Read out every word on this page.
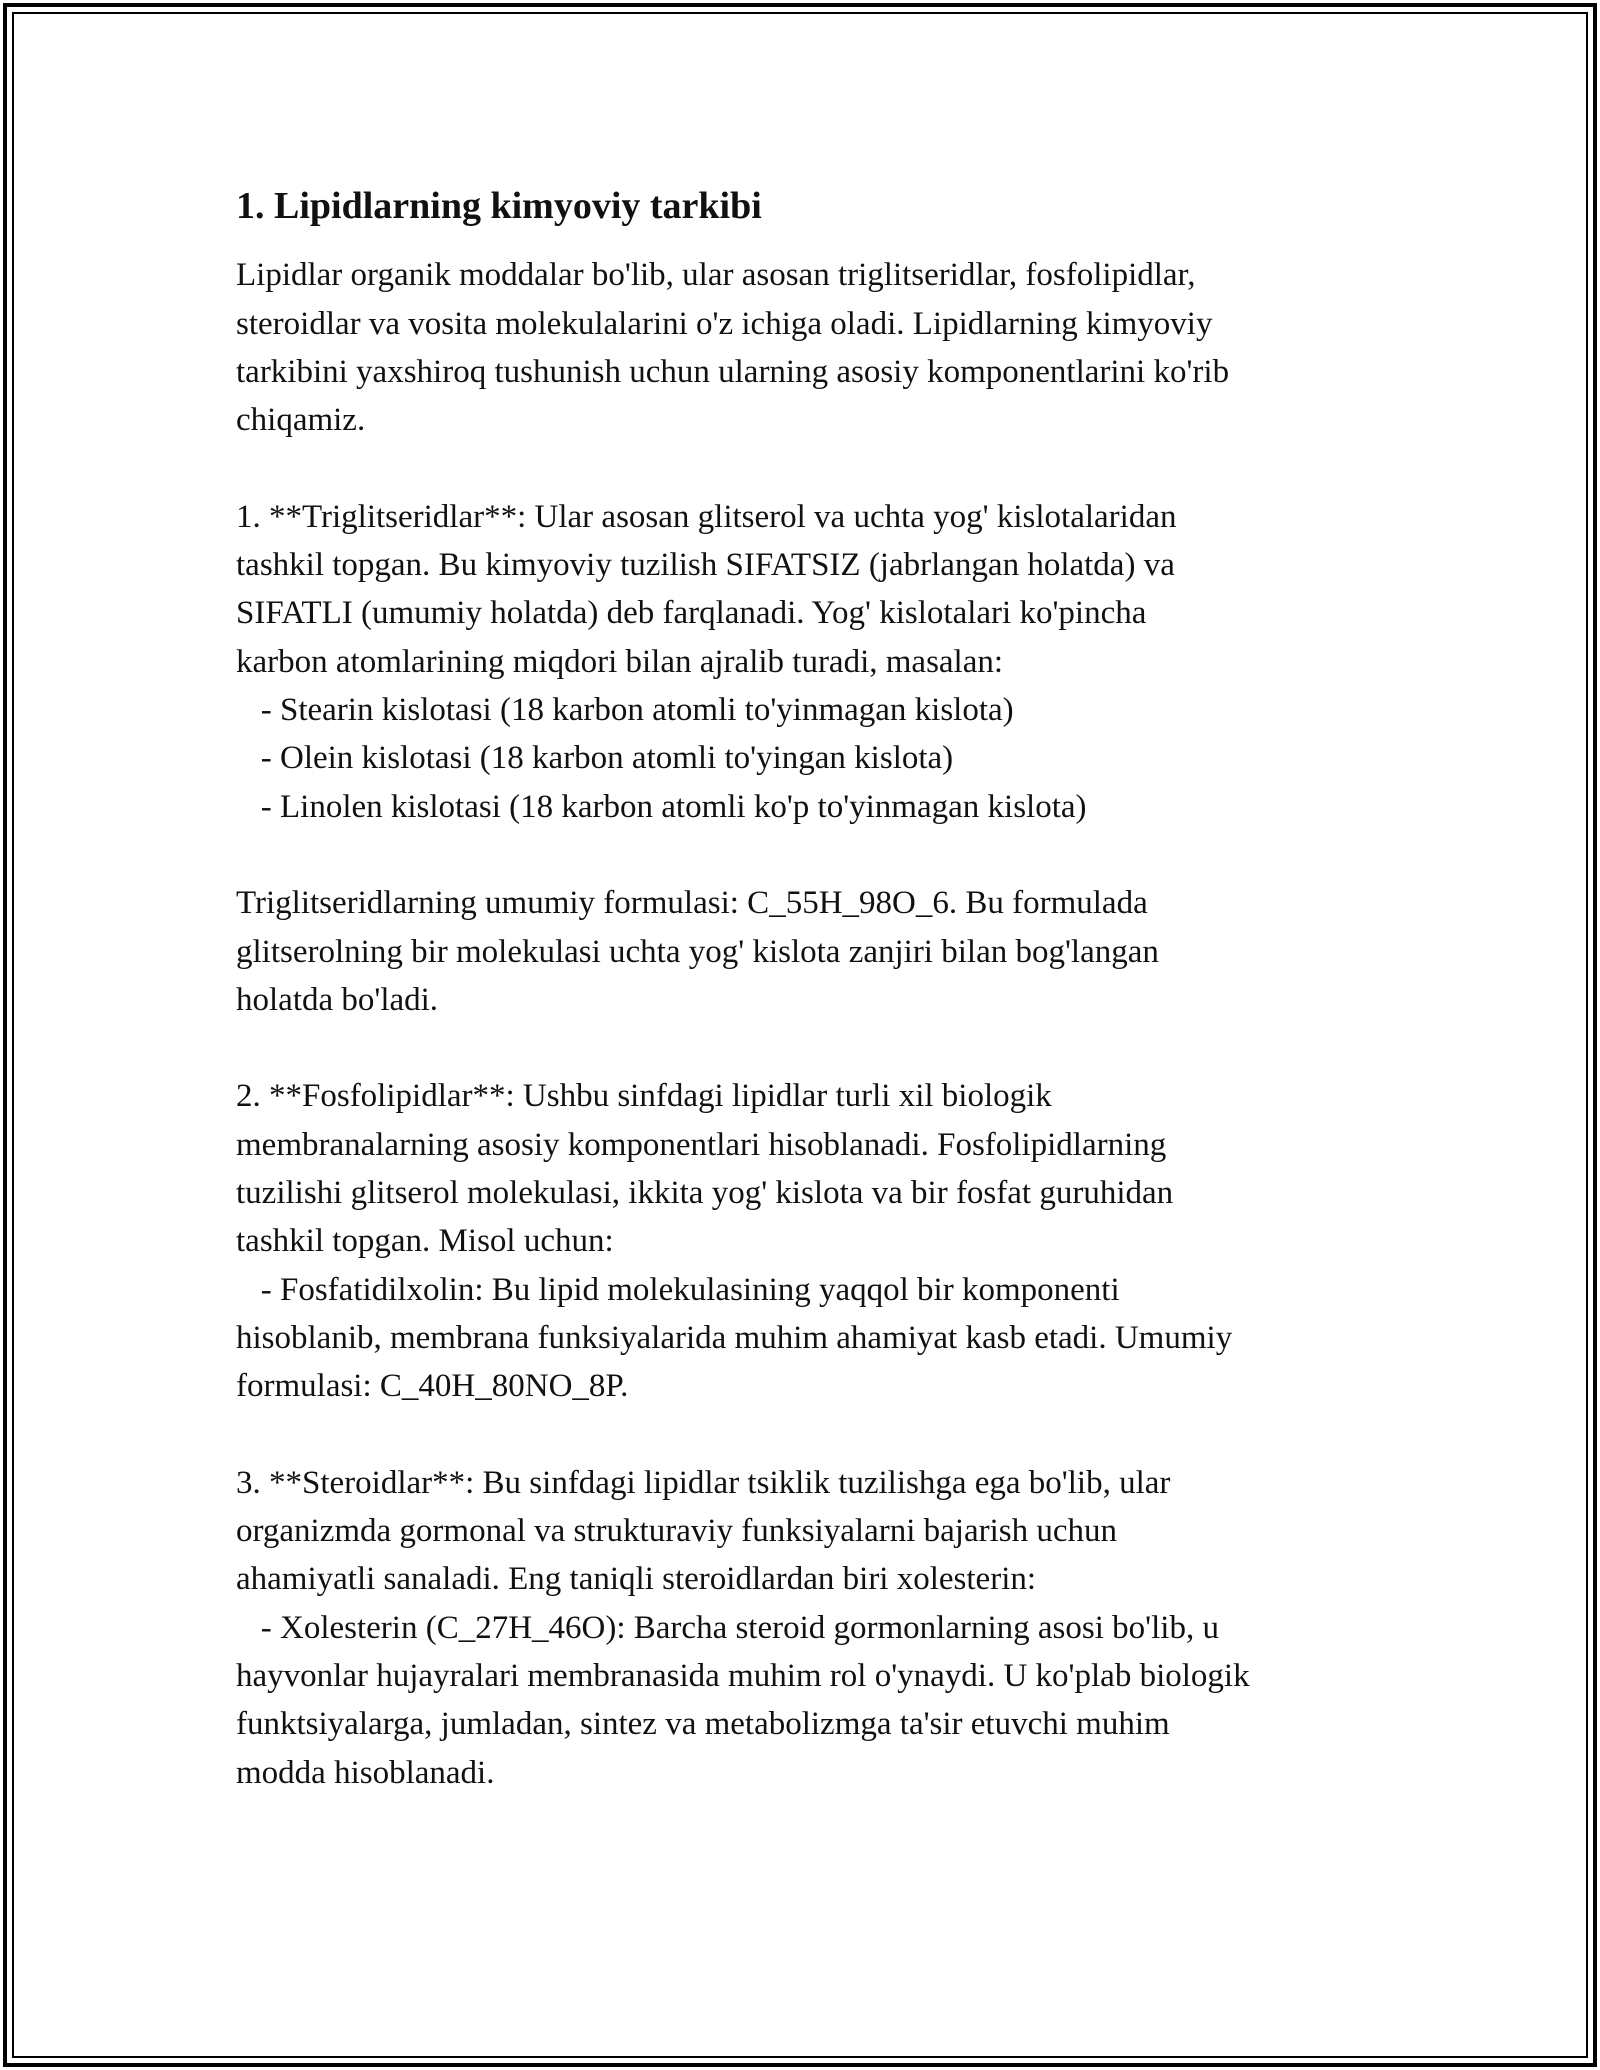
1. Lipidlarning kimyoviy tarkibi
Lipidlar organik moddalar bo'lib, ular asosan triglitseridlar, fosfolipidlar,
steroidlar va vosita molekulalarini o'z ichiga oladi. Lipidlarning kimyoviy
tarkibini yaxshiroq tushunish uchun ularning asosiy komponentlarini ko'rib
chiqamiz.

1. **Triglitseridlar**: Ular asosan glitserol va uchta yog' kislotalaridan
tashkil topgan. Bu kimyoviy tuzilish SIFATSIZ (jabrlangan holatda) va
SIFATLI (umumiy holatda) deb farqlanadi. Yog' kislotalari ko'pincha
karbon atomlarining miqdori bilan ajralib turadi, masalan:
- Stearin kislotasi (18 karbon atomli to'yinmagan kislota)
- Olein kislotasi (18 karbon atomli to'yingan kislota)
- Linolen kislotasi (18 karbon atomli ko'p to'yinmagan kislota)

Triglitseridlarning umumiy formulasi: C_55H_98O_6. Bu formulada
glitserolning bir molekulasi uchta yog' kislota zanjiri bilan bog'langan
holatda bo'ladi.

2. **Fosfolipidlar**: Ushbu sinfdagi lipidlar turli xil biologik
membranalarning asosiy komponentlari hisoblanadi. Fosfolipidlarning
tuzilishi glitserol molekulasi, ikkita yog' kislota va bir fosfat guruhidan
tashkil topgan. Misol uchun:
- Fosfatidilxolin: Bu lipid molekulasining yaqqol bir komponenti
hisoblanib, membrana funksiyalarida muhim ahamiyat kasb etadi. Umumiy
formulasi: C_40H_80NO_8P.

3. **Steroidlar**: Bu sinfdagi lipidlar tsiklik tuzilishga ega bo'lib, ular
organizmda gormonal va strukturaviy funksiyalarni bajarish uchun
ahamiyatli sanaladi. Eng taniqli steroidlardan biri xolesterin:
- Xolesterin (C_27H_46O): Barcha steroid gormonlarning asosi bo'lib, u
hayvonlar hujayralari membranasida muhim rol o'ynaydi. U ko'plab biologik
funktsiyalarga, jumladan, sintez va metabolizmga ta'sir etuvchi muhim
modda hisoblanadi.
